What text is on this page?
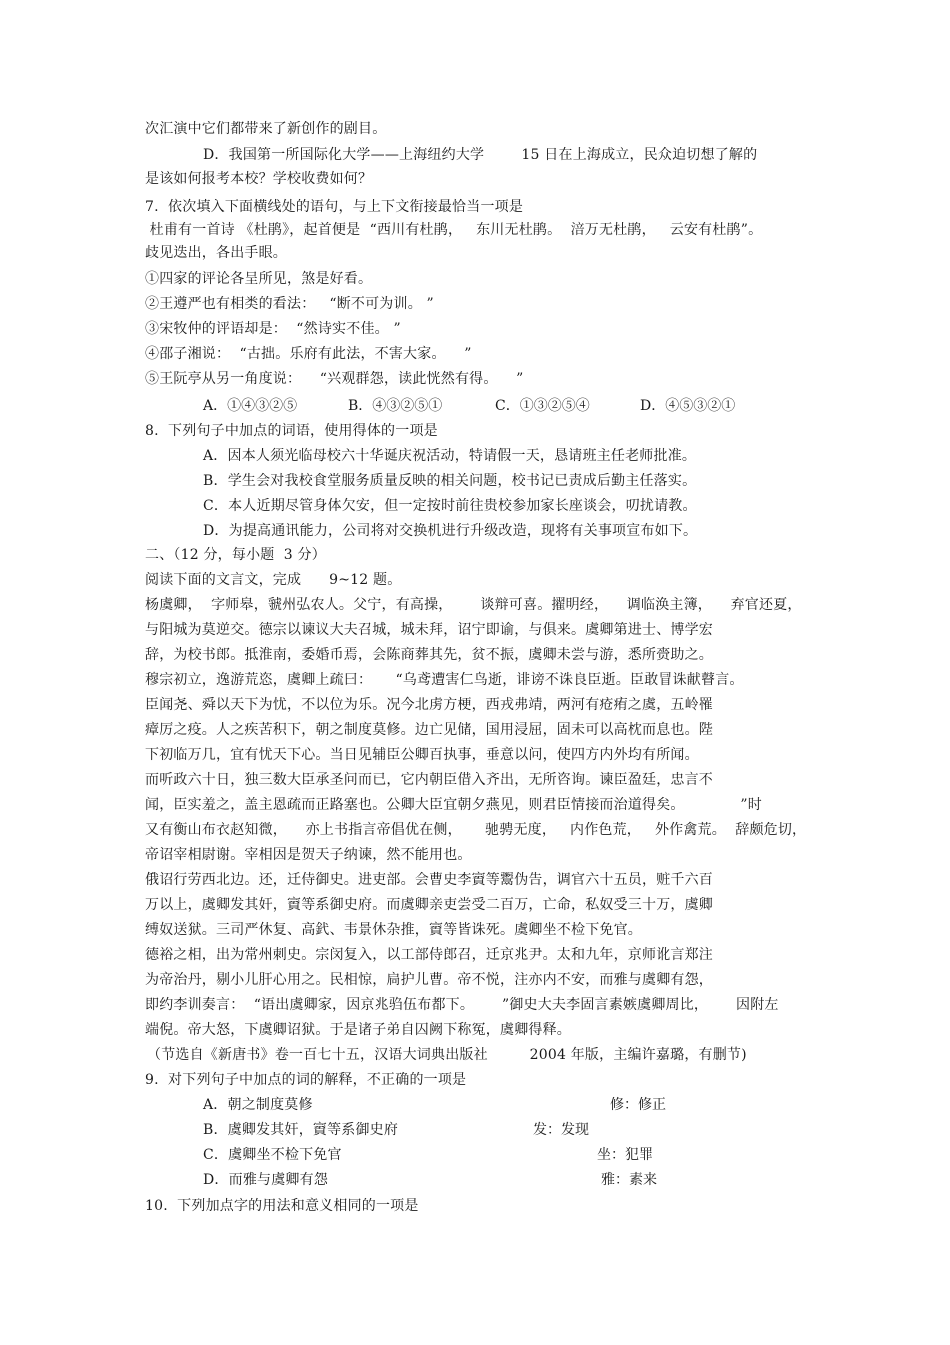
次汇演中它们都带来了新创作的剧目。
D．我国第一所国际化大学——上海纽约大学        15 日在上海成立，民众迫切想了解的
是该如何报考本校？学校收费如何？
7.  依次填入下面横线处的语句，与上下文衔接最恰当一项是
杜甫有一首诗 《杜鹃》，起首便是  “西川有杜鹃，   东川无杜鹃。  涪万无杜鹃，   云安有杜鹃”。
歧见迭出，各出手眼。
①四家的评论各呈所见，煞是好看。
②王遵严也有相类的看法：   “断不可为训。 ”
③宋牧仲的评语却是：  “然诗实不佳。 ”
④邵子湘说：  “古拙。乐府有此法，不害大家。    ”
⑤王阮亭从另一角度说：    “兴观群怨，读此恍然有得。    ”
A．①④③②⑤	B．④③②⑤①	C．①③②⑤④	D．④⑤③②①
8.  下列句子中加点的词语，使用得体的一项是
A．因本人须光临母校六十华诞庆祝活动，特请假一天，恳请班主任老师批准。
B．学生会对我校食堂服务质量反映的相关问题，校书记已责成后勤主任落实。
C．本人近期尽管身体欠安，但一定按时前往贵校参加家长座谈会，叨扰请教。
D．为提高通讯能力，公司将对交换机进行升级改造，现将有关事项宣布如下。
二、（12 分，每小题  3 分）
阅读下面的文言文，完成      9~12 题。
杨虞卿，  字师皋，虢州弘农人。父宁，有高操，      谈辩可喜。擢明经，    调临涣主簿，    弃官还夏，
与阳城为莫逆交。德宗以谏议大夫召城，城未拜，诏宁即谕，与俱来。虞卿第进士、博学宏
辞，为校书郎。抵淮南，委婚币焉，会陈商葬其先，贫不振，虞卿未尝与游，悉所赍助之。
穆宗初立，逸游荒恣，虞卿上疏曰：     “乌鸢遭害仁鸟逝，诽谤不诛良臣逝。臣敢冒诛献瞽言。
臣闻尧、舜以天下为忧，不以位为乐。况今北虏方梗，西戎弗靖，两河有疮痏之虞，五岭罹
瘴厉之疫。人之疾苦积下，朝之制度莫修。边亡见储，国用浸屈，固未可以高枕而息也。陛
下初临万几，宜有忧天下心。当日见辅臣公卿百执事，垂意以问，使四方内外均有所闻。
而听政六十日，独三数大臣承圣问而已，它内朝臣借入齐出，无所咨询。谏臣盈廷，忠言不
闻，臣实羞之，盖主恩疏而正路塞也。公卿大臣宜朝夕燕见，则君臣情接而治道得矣。            ”时
又有衡山布衣赵知微，    亦上书指言帝倡优在侧，     驰骋无度，   内作色荒，   外作禽荒。  辞颇危切，
帝诏宰相尉谢。宰相因是贺天子纳谏，然不能用也。
俄诏行劳西北边。还，迁侍御史。进吏部。会曹史李賨等鬻伪告，调官六十五员，赃千六百
万以上，虞卿发其奸，賨等系御史府。而虞卿亲吏尝受二百万，亡命，私奴受三十万，虞卿
缚奴送狱。三司严休复、高釴、韦景休杂推，賨等皆诛死。虞卿坐不检下免官。
德裕之相，出为常州刺史。宗闵复入，以工部侍郎召，迁京兆尹。太和九年，京师讹言郑注
为帝治丹，剔小儿肝心用之。民相惊，扃护儿曹。帝不悦，注亦内不安，而雅与虞卿有怨，
即约李训奏言：  “语出虞卿家，因京兆驺伍布都下。      ”御史大夫李固言素嫉虞卿周比，      因附左
端倪。帝大怒，下虞卿诏狱。于是诸子弟自囚阙下称冤，虞卿得释。
（节选自《新唐书》卷一百七十五，汉语大词典出版社         2004 年版，主编许嘉璐，有删节)
9.  对下列句子中加点的词的解释，不正确的一项是
A．朝之制度莫修	修：修正
B．虞卿发其奸，賨等系御史府	发：发现
C．虞卿坐不检下免官	坐：犯罪
D．而雅与虞卿有怨	雅：素来
10.  下列加点字的用法和意义相同的一项是
